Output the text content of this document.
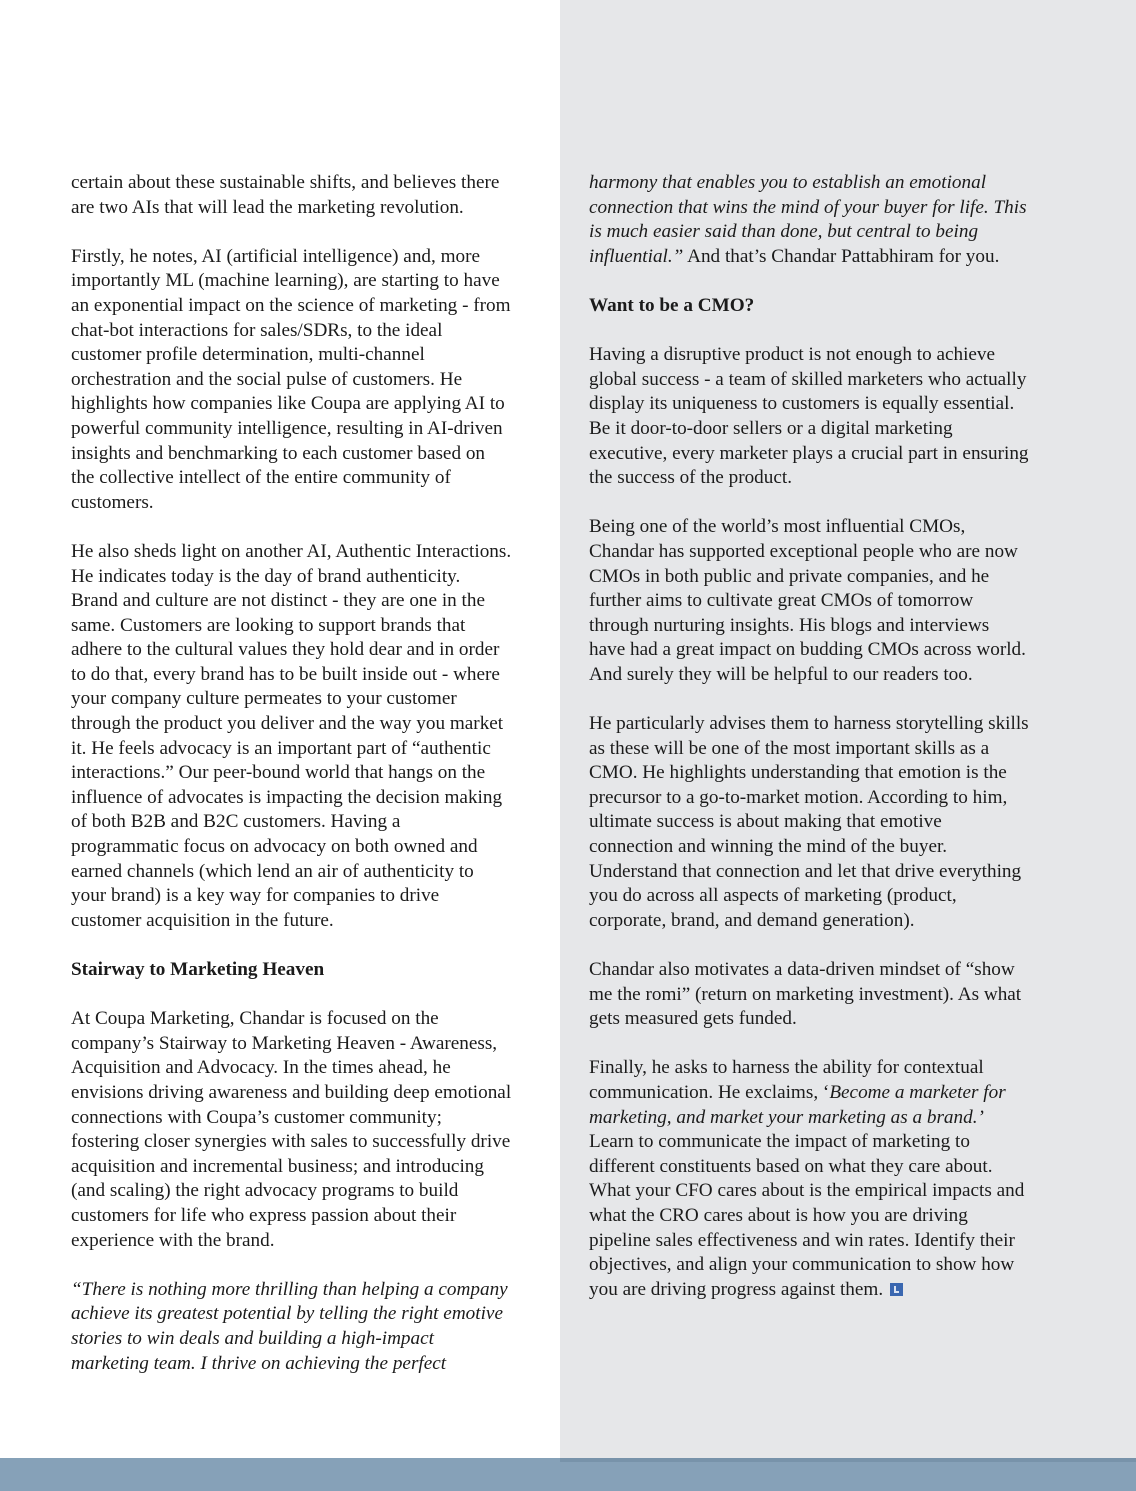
certain about these sustainable shifts, and believes there
are two AIs that will lead the marketing revolution.

Firstly, he notes, AI (artificial intelligence) and, more
importantly ML (machine learning), are starting to have
an exponential impact on the science of marketing - from
chat-bot interactions for sales/SDRs, to the ideal
customer profile determination, multi-channel
orchestration and the social pulse of customers. He
highlights how companies like Coupa are applying AI to
powerful community intelligence, resulting in AI-driven
insights and benchmarking to each customer based on
the collective intellect of the entire community of
customers.

He also sheds light on another AI, Authentic Interactions.
He indicates today is the day of brand authenticity.
Brand and culture are not distinct - they are one in the
same. Customers are looking to support brands that
adhere to the cultural values they hold dear and in order
to do that, every brand has to be built inside out - where
your company culture permeates to your customer
through the product you deliver and the way you market
it. He feels advocacy is an important part of “authentic
interactions.” Our peer-bound world that hangs on the
influence of advocates is impacting the decision making
of both B2B and B2C customers. Having a
programmatic focus on advocacy on both owned and
earned channels (which lend an air of authenticity to
your brand) is a key way for companies to drive
customer acquisition in the future.

Stairway to Marketing Heaven

At Coupa Marketing, Chandar is focused on the
company’s Stairway to Marketing Heaven - Awareness,
Acquisition and Advocacy. In the times ahead, he
envisions driving awareness and building deep emotional
connections with Coupa’s customer community;
fostering closer synergies with sales to successfully drive
acquisition and incremental business; and introducing
(and scaling) the right advocacy programs to build
customers for life who express passion about their
experience with the brand.

“There is nothing more thrilling than helping a company
achieve its greatest potential by telling the right emotive
stories to win deals and building a high-impact
marketing team. I thrive on achieving the perfect

harmony that enables you to establish an emotional
connection that wins the mind of your buyer for life. This
is much easier said than done, but central to being
influential.” And that’s Chandar Pattabhiram for you.

Want to be a CMO?

Having a disruptive product is not enough to achieve
global success - a team of skilled marketers who actually
display its uniqueness to customers is equally essential.
Be it door-to-door sellers or a digital marketing
executive, every marketer plays a crucial part in ensuring
the success of the product.

Being one of the world’s most influential CMOs,
Chandar has supported exceptional people who are now
CMOs in both public and private companies, and he
further aims to cultivate great CMOs of tomorrow
through nurturing insights. His blogs and interviews
have had a great impact on budding CMOs across world.
And surely they will be helpful to our readers too.

He particularly advises them to harness storytelling skills
as these will be one of the most important skills as a
CMO. He highlights understanding that emotion is the
precursor to a go-to-market motion. According to him,
ultimate success is about making that emotive
connection and winning the mind of the buyer.
Understand that connection and let that drive everything
you do across all aspects of marketing (product,
corporate, brand, and demand generation).

Chandar also motivates a data-driven mindset of “show
me the romi” (return on marketing investment). As what
gets measured gets funded.

Finally, he asks to harness the ability for contextual
communication. He exclaims, ‘Become a marketer for
marketing, and market your marketing as a brand.’
Learn to communicate the impact of marketing to
different constituents based on what they care about.
What your CFO cares about is the empirical impacts and
what the CRO cares about is how you are driving
pipeline sales effectiveness and win rates. Identify their
objectives, and align your communication to show how
you are driving progress against them.
